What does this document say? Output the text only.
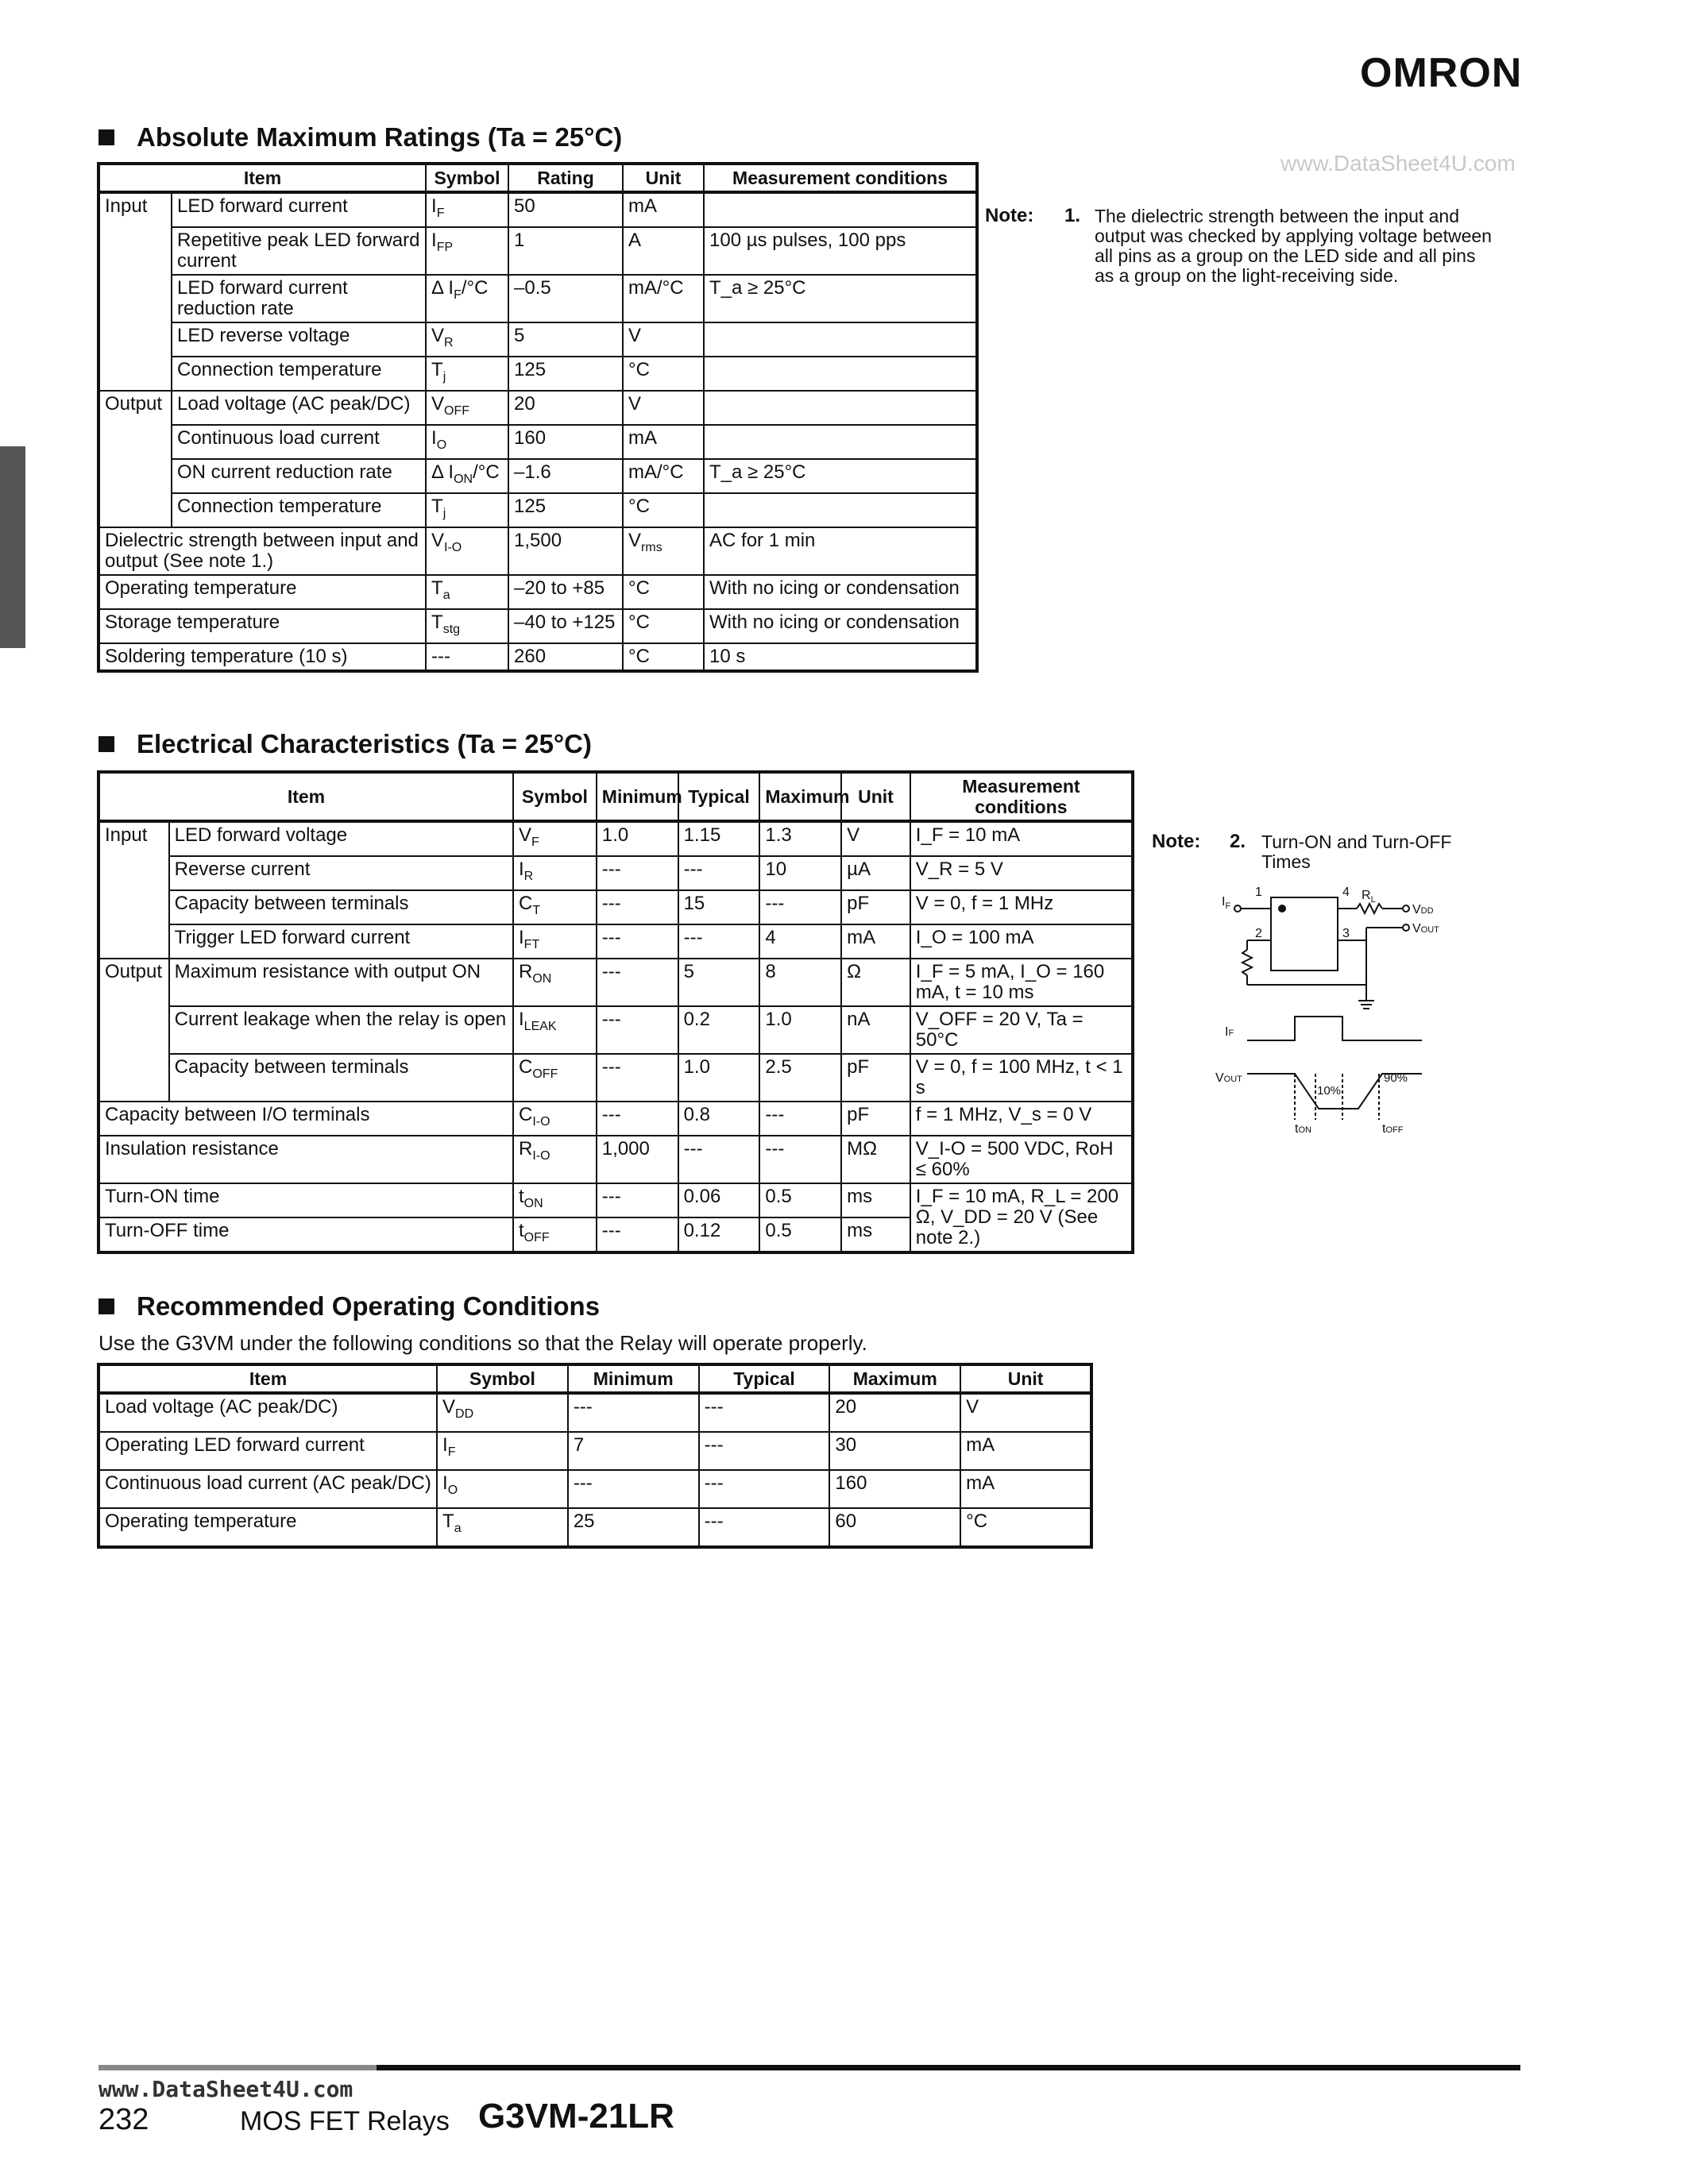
OMRON
www.DataSheet4U.com
Absolute Maximum Ratings (Ta = 25°C)
Item		Symbol	Rating	Unit	Measurement conditions
Input	LED forward current	$I_F$	50	mA	
	Repetitive peak LED forward current	$I_{FP}$	1	A	100 µs pulses, 100 pps
	LED forward current reduction rate	Δ $I_F/^\circ C$	–0.5	mA/°C	T_a ≥ 25°C
	LED reverse voltage	$V_R$	5	V	
	Connection temperature	$T_j$	125	°C	
Output	Load voltage (AC peak/DC)	$V_{OFF}$	20	V	
	Continuous load current	$I_O$	160	mA	
	ON current reduction rate	Δ $I_{ON}/^\circ C$	–1.6	mA/°C	T_a ≥ 25°C
	Connection temperature	$T_j$	125	°C	
Dielectric strength between input and output (See note 1.)		$V_{I-O}$	1,500	$V_{rms}$	AC for 1 min
Operating temperature		$T_a$	–20 to +85	°C	With no icing or condensation
Storage temperature		$T_{stg}$	–40 to +125	°C	With no icing or condensation
Soldering temperature (10 s)		---	260	°C	10 s
Note: 1. The dielectric strength between the input and output was checked by applying voltage between all pins as a group on the LED side and all pins as a group on the light-receiving side.
Electrical Characteristics (Ta = 25°C)
Item		Symbol	Minimum	Typical	Maximum	Unit	Measurement conditions
Input	LED forward voltage	$V_F$	1.0	1.15	1.3	V	I_F = 10 mA
	Reverse current	$I_R$	---	---	10	µA	V_R = 5 V
	Capacity between terminals	$C_T$	---	15	---	pF	V = 0, f = 1 MHz
	Trigger LED forward current	$I_{FT}$	---	---	4	mA	I_O = 100 mA
Output	Maximum resistance with output ON	$R_{ON}$	---	5	8	Ω	I_F = 5 mA, I_O = 160 mA, t = 10 ms
	Current leakage when the relay is open	$I_{LEAK}$	---	0.2	1.0	nA	V_OFF = 20 V, Ta = 50°C
	Capacity between terminals	$C_{OFF}$	---	1.0	2.5	pF	V = 0, f = 100 MHz, t < 1 s
Capacity between I/O terminals		$C_{I-O}$	---	0.8	---	pF	f = 1 MHz, V_s = 0 V
Insulation resistance		$R_{I-O}$	1,000	---	---	MΩ	V_I-O = 500 VDC, RoH ≤ 60%
Turn-ON time		$t_{ON}$	---	0.06	0.5	ms	I_F = 10 mA, R_L = 200 Ω, V_DD = 20 V (See note 2.)
Turn-OFF time		$t_{OFF}$	---	0.12	0.5	ms	
Note: 2. Turn-ON and Turn-OFF Times
$I_F$
1
2
4
3
$R_L$
VDD
VOUT
IF
VOUT
10%
90%
tON	tOFF
Recommended Operating Conditions
Use the G3VM under the following conditions so that the Relay will operate properly.
Item	Symbol	Minimum	Typical	Maximum	Unit
Load voltage (AC peak/DC)	$V_{DD}$	---	---	20	V
Operating LED forward current	$I_F$	7	---	30	mA
Continuous load current (AC peak/DC)	$I_O$	---	---	160	mA
Operating temperature	$T_a$	25	---	60	°C
www.DataSheet4U.com
232	MOS FET Relays G3VM-21LR
